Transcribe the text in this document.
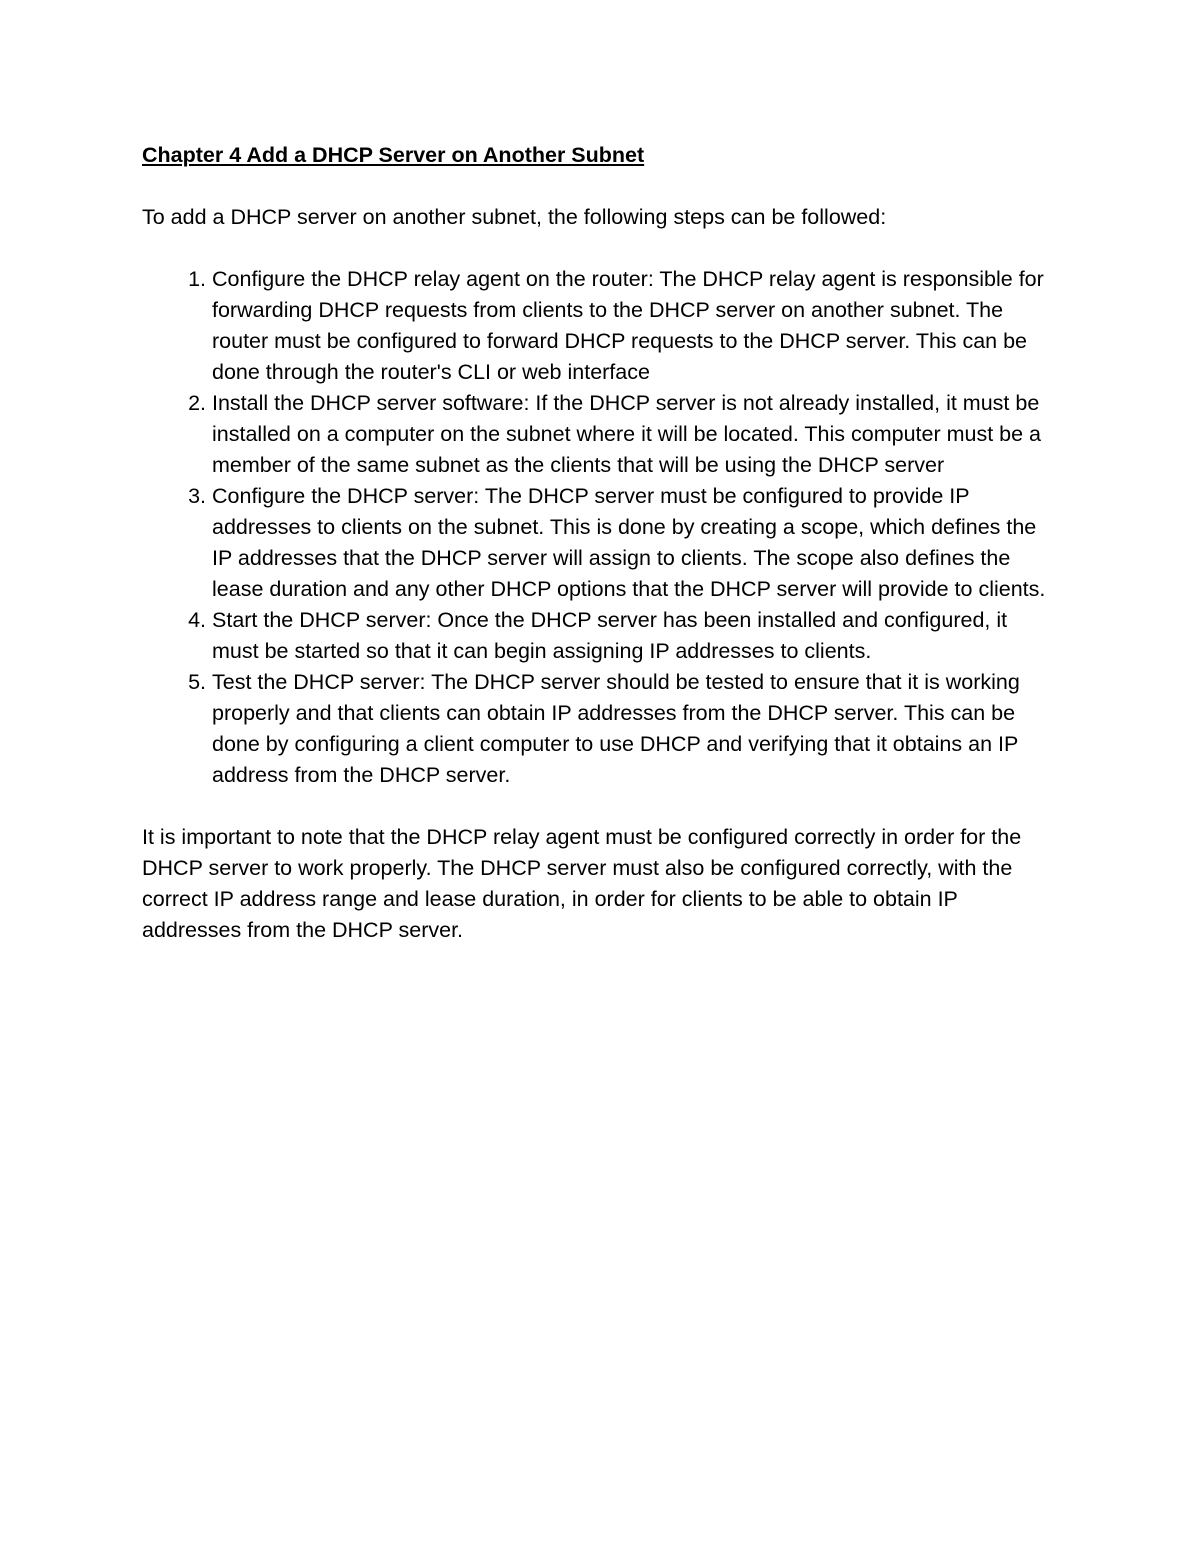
Chapter 4 Add a DHCP Server on Another Subnet

To add a DHCP server on another subnet, the following steps can be followed:

1. Configure the DHCP relay agent on the router: The DHCP relay agent is responsible for forwarding DHCP requests from clients to the DHCP server on another subnet. The router must be configured to forward DHCP requests to the DHCP server. This can be done through the router's CLI or web interface
2. Install the DHCP server software: If the DHCP server is not already installed, it must be installed on a computer on the subnet where it will be located. This computer must be a member of the same subnet as the clients that will be using the DHCP server
3. Configure the DHCP server: The DHCP server must be configured to provide IP addresses to clients on the subnet. This is done by creating a scope, which defines the IP addresses that the DHCP server will assign to clients. The scope also defines the lease duration and any other DHCP options that the DHCP server will provide to clients.
4. Start the DHCP server: Once the DHCP server has been installed and configured, it must be started so that it can begin assigning IP addresses to clients.
5. Test the DHCP server: The DHCP server should be tested to ensure that it is working properly and that clients can obtain IP addresses from the DHCP server. This can be done by configuring a client computer to use DHCP and verifying that it obtains an IP address from the DHCP server.

It is important to note that the DHCP relay agent must be configured correctly in order for the DHCP server to work properly. The DHCP server must also be configured correctly, with the correct IP address range and lease duration, in order for clients to be able to obtain IP addresses from the DHCP server.
